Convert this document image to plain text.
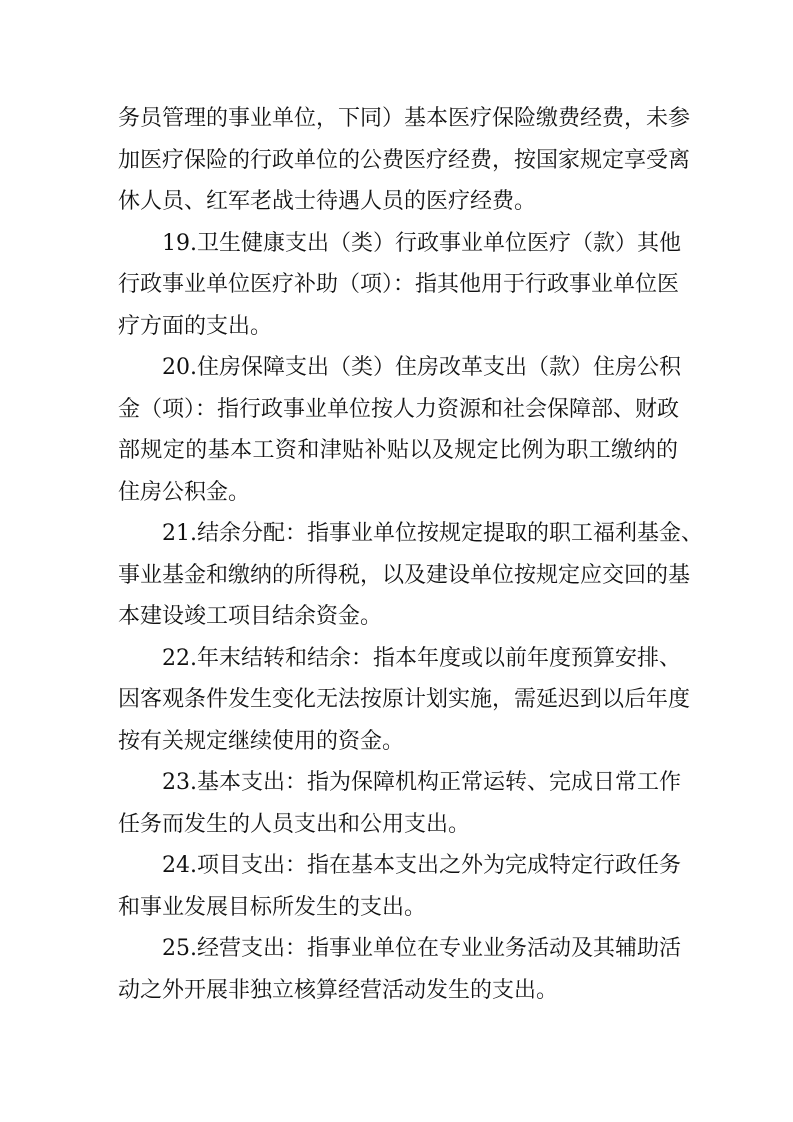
务员管理的事业单位，下同）基本医疗保险缴费经费，未参
加医疗保险的行政单位的公费医疗经费，按国家规定享受离
休人员、红军老战士待遇人员的医疗经费。
19.卫生健康支出（类）行政事业单位医疗（款）其他
行政事业单位医疗补助（项）：指其他用于行政事业单位医
疗方面的支出。
20.住房保障支出（类）住房改革支出（款）住房公积
金（项）：指行政事业单位按人力资源和社会保障部、财政
部规定的基本工资和津贴补贴以及规定比例为职工缴纳的
住房公积金。
21.结余分配：指事业单位按规定提取的职工福利基金、
事业基金和缴纳的所得税，以及建设单位按规定应交回的基
本建设竣工项目结余资金。
22.年末结转和结余：指本年度或以前年度预算安排、
因客观条件发生变化无法按原计划实施，需延迟到以后年度
按有关规定继续使用的资金。
23.基本支出：指为保障机构正常运转、完成日常工作
任务而发生的人员支出和公用支出。
24.项目支出：指在基本支出之外为完成特定行政任务
和事业发展目标所发生的支出。
25.经营支出：指事业单位在专业业务活动及其辅助活
动之外开展非独立核算经营活动发生的支出。
